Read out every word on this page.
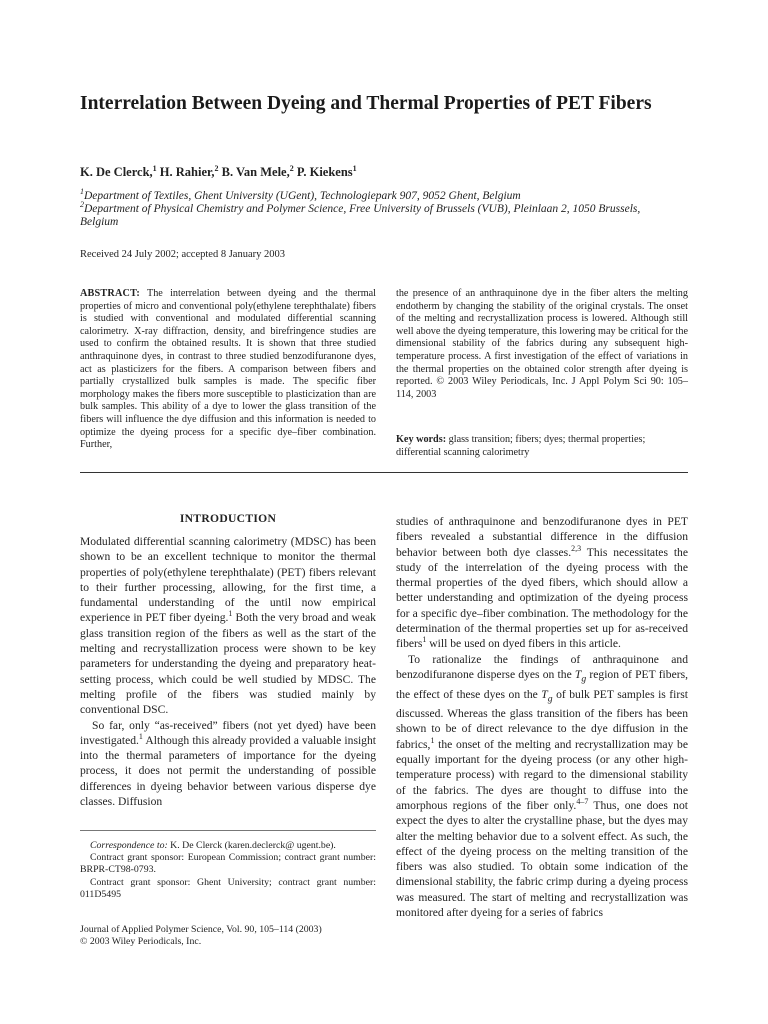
Interrelation Between Dyeing and Thermal Properties of PET Fibers
K. De Clerck,$^1$ H. Rahier,$^2$ B. Van Mele,$^2$ P. Kiekens$^1$
$^1$Department of Textiles, Ghent University (UGent), Technologiepark 907, 9052 Ghent, Belgium
$^2$Department of Physical Chemistry and Polymer Science, Free University of Brussels (VUB), Pleinlaan 2, 1050 Brussels, Belgium
Received 24 July 2002; accepted 8 January 2003
ABSTRACT: The interrelation between dyeing and the thermal properties of micro and conventional poly(ethylene terephthalate) fibers is studied with conventional and modulated differential scanning calorimetry. X-ray diffraction, density, and birefringence studies are used to confirm the obtained results. It is shown that three studied anthraquinone dyes, in contrast to three studied benzodifuranone dyes, act as plasticizers for the fibers. A comparison between fibers and partially crystallized bulk samples is made. The specific fiber morphology makes the fibers more susceptible to plasticization than are bulk samples. This ability of a dye to lower the glass transition of the fibers will influence the dye diffusion and this information is needed to optimize the dyeing process for a specific dye–fiber combination. Further,
the presence of an anthraquinone dye in the fiber alters the melting endotherm by changing the stability of the original crystals. The onset of the melting and recrystallization process is lowered. Although still well above the dyeing temperature, this lowering may be critical for the dimensional stability of the fabrics during any subsequent high-temperature process. A first investigation of the effect of variations in the thermal properties on the obtained color strength after dyeing is reported. © 2003 Wiley Periodicals, Inc. J Appl Polym Sci 90: 105–114, 2003
Key words: glass transition; fibers; dyes; thermal properties; differential scanning calorimetry
INTRODUCTION

Modulated differential scanning calorimetry (MDSC) has been shown to be an excellent technique to monitor the thermal properties of poly(ethylene terephthalate) (PET) fibers relevant to their further processing, allowing, for the first time, a fundamental understanding of the until now empirical experience in PET fiber dyeing.$^1$ Both the very broad and weak glass transition region of the fibers as well as the start of the melting and recrystallization process were shown to be key parameters for understanding the dyeing and preparatory heat-setting process, which could be well studied by MDSC. The melting profile of the fibers was studied mainly by conventional DSC.

So far, only “as-received” fibers (not yet dyed) have been investigated.$^1$ Although this already provided a valuable insight into the thermal parameters of importance for the dyeing process, it does not permit the understanding of possible differences in dyeing behavior between various disperse dye classes. Diffusion

Correspondence to: K. De Clerck (karen.declerck@ ugent.be).

Contract grant sponsor: European Commission; contract grant number: BRPR-CT98-0793.

Contract grant sponsor: Ghent University; contract grant number: 011D5495

Journal of Applied Polymer Science, Vol. 90, 105–114 (2003)
© 2003 Wiley Periodicals, Inc.

studies of anthraquinone and benzodifuranone dyes in PET fibers revealed a substantial difference in the diffusion behavior between both dye classes.$^{2,3}$ This necessitates the study of the interrelation of the dyeing process with the thermal properties of the dyed fibers, which should allow a better understanding and optimization of the dyeing process for a specific dye–fiber combination. The methodology for the determination of the thermal properties set up for as-received fibers$^1$ will be used on dyed fibers in this article.

To rationalize the findings of anthraquinone and benzodifuranone disperse dyes on the $T_g$ region of PET fibers, the effect of these dyes on the $T_g$ of bulk PET samples is first discussed. Whereas the glass transition of the fibers has been shown to be of direct relevance to the dye diffusion in the fabrics,$^1$ the onset of the melting and recrystallization may be equally important for the dyeing process (or any other high-temperature process) with regard to the dimensional stability of the fabrics. The dyes are thought to diffuse into the amorphous regions of the fiber only.$^{4-7}$ Thus, one does not expect the dyes to alter the crystalline phase, but the dyes may alter the melting behavior due to a solvent effect. As such, the effect of the dyeing process on the melting transition of the fibers was also studied. To obtain some indication of the dimensional stability, the fabric crimp during a dyeing process was measured. The start of melting and recrystallization was monitored after dyeing for a series of fabrics
